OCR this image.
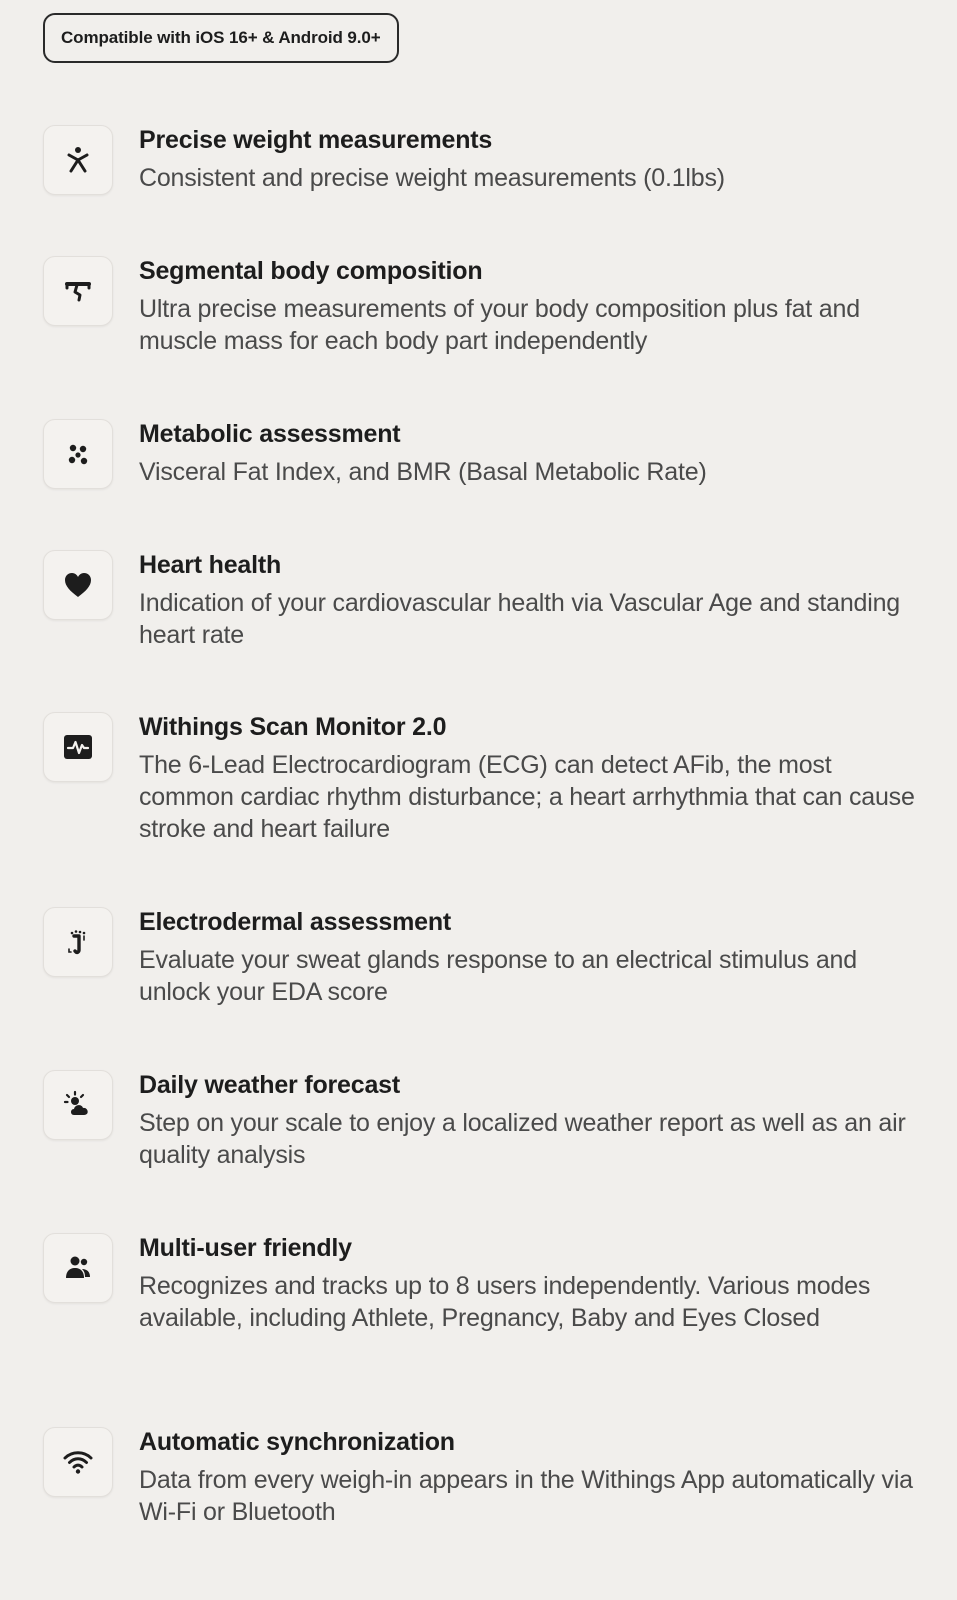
Compatible with iOS 16+ & Android 9.0+

Precise weight measurements

Consistent and precise weight measurements (0.1lbs)

Segmental body composition

Ultra precise measurements of your body composition plus fat and muscle mass for each body part independently

Metabolic assessment

Visceral Fat Index, and BMR (Basal Metabolic Rate)

Heart health

Indication of your cardiovascular health via Vascular Age and standing heart rate

Withings Scan Monitor 2.0

The 6-Lead Electrocardiogram (ECG) can detect AFib, the most common cardiac rhythm disturbance; a heart arrhythmia that can cause stroke and heart failure

Electrodermal assessment

Evaluate your sweat glands response to an electrical stimulus and unlock your EDA score

Daily weather forecast

Step on your scale to enjoy a localized weather report as well as an air quality analysis

Multi-user friendly

Recognizes and tracks up to 8 users independently. Various modes available, including Athlete, Pregnancy, Baby and Eyes Closed

Automatic synchronization

Data from every weigh-in appears in the Withings App automatically via Wi-Fi or Bluetooth
